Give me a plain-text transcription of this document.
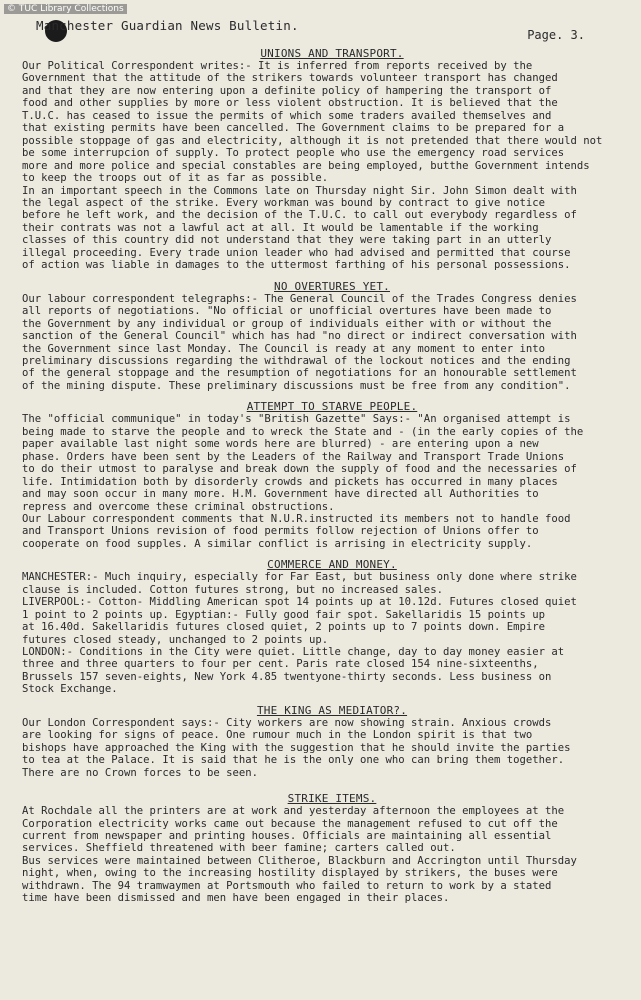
© TUC Library Collections
Manchester Guardian News Bulletin.
Page. 3.
UNIONS AND TRANSPORT.
Our Political Correspondent writes:- It is inferred from reports received by the
Government that the attitude of the strikers towards volunteer transport has changed
and that they are now entering upon a definite policy of hampering the transport of
food and other supplies by more or less violent obstruction. It is believed that the
T.U.C. has ceased to issue the permits of which some traders availed themselves and
that existing permits have been cancelled. The Government claims to be prepared for a
possible stoppage of gas and electricity, although it is not pretended that there would not
be some interrupcion of supply. To protect people who use the emergency road services
more and more police and special constables are being employed, butthe Government intends
to keep the troops out of it as far as possible.
In an important speech in the Commons late on Thursday night Sir. John Simon dealt with
the legal aspect of the strike. Every workman was bound by contract to give notice
before he left work, and the decision of the T.U.C. to call out everybody regardless of
their contrats was not a lawful act at all. It would be lamentable if the working
classes of this country did not understand that they were taking part in an utterly
illegal proceeding. Every trade union leader who had advised and permitted that course
of action was liable in damages to the uttermost farthing of his personal possessions.
NO OVERTURES YET.
Our labour correspondent telegraphs:- The General Council of the Trades Congress denies
all reports of negotiations. "No official or unofficial overtures have been made to
the Government by any individual or group of individuals either with or without the
sanction of the General Council" which has had "no direct or indirect conversation with
the Government since last Monday. The Council is ready at any moment to enter into
preliminary discussions regarding the withdrawal of the lockout notices and the ending
of the general stoppage and the resumption of negotiations for an honourable settlement
of the mining dispute. These preliminary discussions must be free from any condition".
ATTEMPT TO STARVE PEOPLE.
The "official communique" in today's "British Gazette" Says:- "An organised attempt is
being made to starve the people and to wreck the State and - (in the early copies of the
paper available last night some words here are blurred) - are entering upon a new
phase. Orders have been sent by the Leaders of the Railway and Transport Trade Unions
to do their utmost to paralyse and break down the supply of food and the necessaries of
life. Intimidation both by disorderly crowds and pickets has occurred in many places
and may soon occur in many more. H.M. Government have directed all Authorities to
repress and overcome these criminal obstructions.
Our Labour correspondent comments that N.U.R.instructed its members not to handle food
and Transport Unions revision of food permits follow rejection of Unions offer to
cooperate on food supples. A similar conflict is arrising in electricity supply.
COMMERCE AND MONEY.
MANCHESTER:- Much inquiry, especially for Far East, but business only done where strike
clause is included. Cotton futures strong, but no increased sales.
LIVERPOOL:- Cotton- Middling American spot 14 points up at 10.12d. Futures closed quiet
1 point to 2 points up. Egyptian:- Fully good fair spot. Sakellaridis 15 points up
at 16.40d. Sakellaridis futures closed quiet, 2 points up to 7 points down. Empire
futures closed steady, unchanged to 2 points up.
LONDON:- Conditions in the City were quiet. Little change, day to day money easier at
three and three quarters to four per cent. Paris rate closed 154 nine-sixteenths,
Brussels 157 seven-eights, New York 4.85 twentyone-thirty seconds. Less business on
Stock Exchange.
THE KING AS MEDIATOR?.
Our London Correspondent says:- City workers are now showing strain. Anxious crowds
are looking for signs of peace. One rumour much in the London spirit is that two
bishops have approached the King with the suggestion that he should invite the parties
to tea at the Palace. It is said that he is the only one who can bring them together.
There are no Crown forces to be seen.
STRIKE ITEMS.
At Rochdale all the printers are at work and yesterday afternoon the employees at the
Corporation electricity works came out because the management refused to cut off the
current from newspaper and printing houses. Officials are maintaining all essential
services. Sheffield threatened with beer famine; carters called out.
Bus services were maintained between Clitheroe, Blackburn and Accrington until Thursday
night, when, owing to the increasing hostility displayed by strikers, the buses were
withdrawn. The 94 tramwaymen at Portsmouth who failed to return to work by a stated
time have been dismissed and men have been engaged in their places.
